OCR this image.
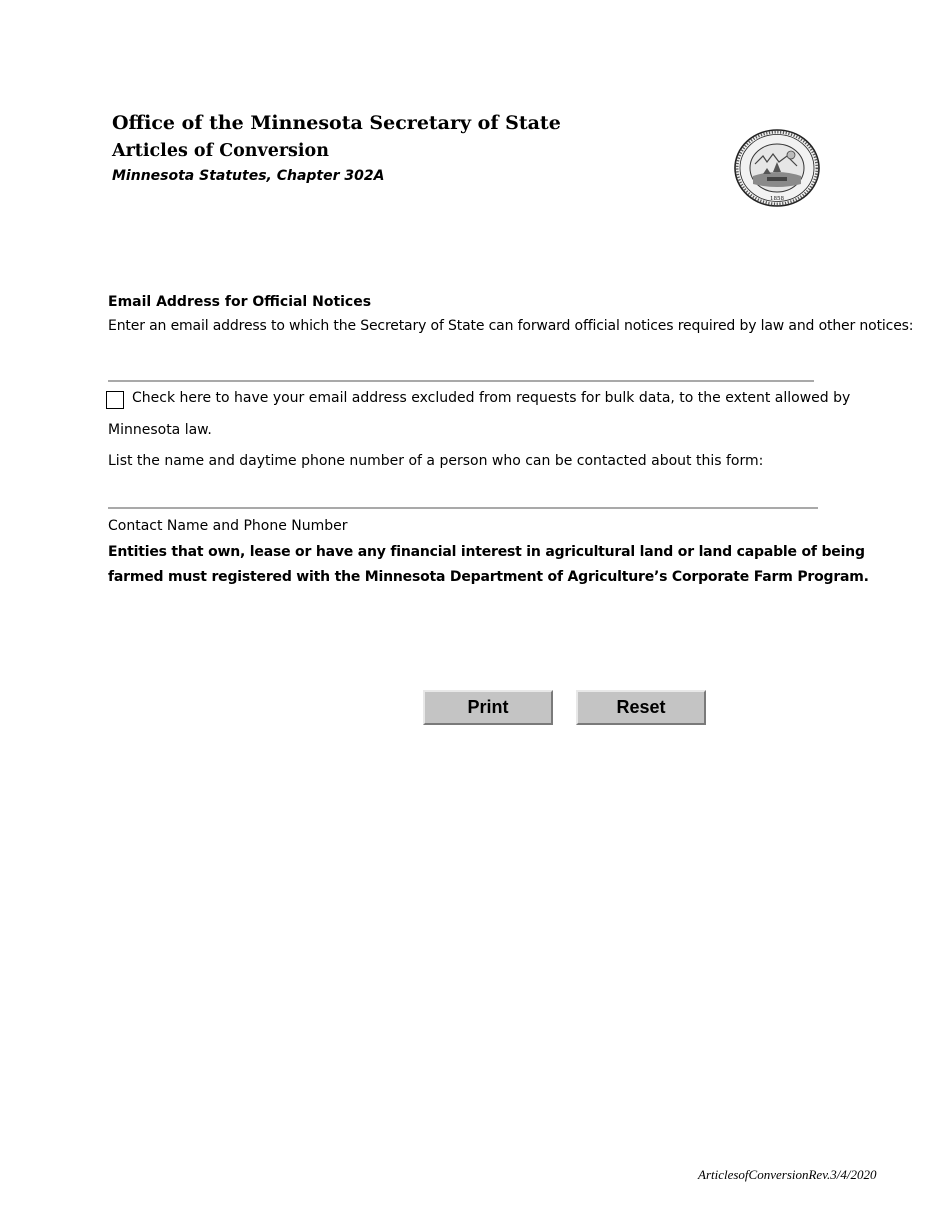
Office of the Minnesota Secretary of State
Articles of Conversion
Minnesota Statutes, Chapter 302A
1858
Email Address for Official Notices
Enter an email address to which the Secretary of State can forward official notices required by law and other notices:
Check here to have your email address excluded from requests for bulk data, to the extent allowed by
Minnesota law.
List the name and daytime phone number of a person who can be contacted about this form:
Contact Name and Phone Number
Entities that own, lease or have any financial interest in agricultural land or land capable of being farmed must registered with the Minnesota Department of Agriculture’s Corporate Farm Program.
Print	Reset
ArticlesofConversionRev.3/4/2020
